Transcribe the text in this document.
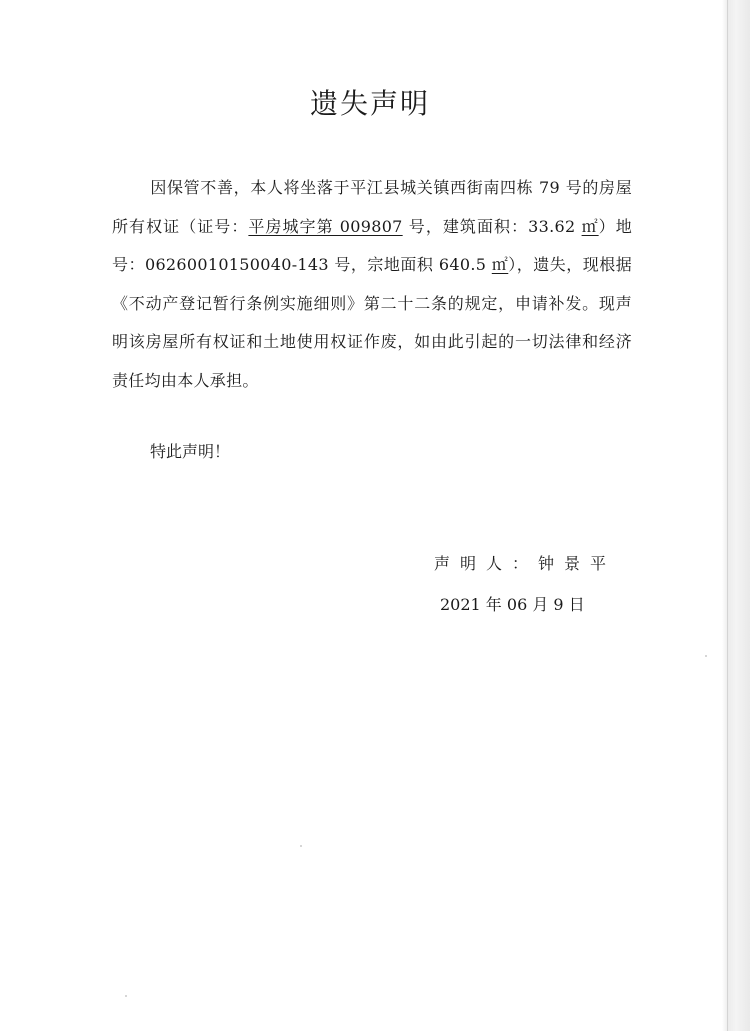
遗失声明
因保管不善，本人将坐落于平江县城关镇西街南四栋 79 号的房屋所有权证（证号：平房城字第 009807 号，建筑面积：33.62 ㎡）地号：06260010150040-143 号，宗地面积 640.5 ㎡），遗失，现根据《不动产登记暂行条例实施细则》第二十二条的规定，申请补发。现声明该房屋所有权证和土地使用权证作废，如由此引起的一切法律和经济责任均由本人承担。
特此声明！
声明人：钟景平
2021 年 06 月 9 日
